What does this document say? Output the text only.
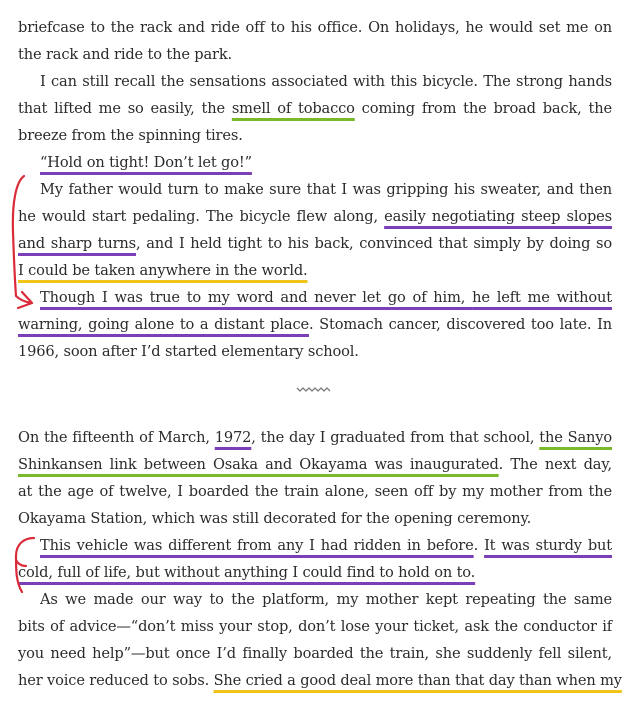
briefcase to the rack and ride off to his office. On holidays, he would set me on
the rack and ride to the park.
I can still recall the sensations associated with this bicycle. The strong hands
that lifted me so easily, the smell of tobacco coming from the broad back, the
breeze from the spinning tires.
“Hold on tight! Don’t let go!”
My father would turn to make sure that I was gripping his sweater, and then
he would start pedaling. The bicycle flew along, easily negotiating steep slopes
and sharp turns, and I held tight to his back, convinced that simply by doing so
I could be taken anywhere in the world.
Though I was true to my word and never let go of him, he left me without
warning, going alone to a distant place. Stomach cancer, discovered too late. In
1966, soon after I’d started elementary school.
On the fifteenth of March, 1972, the day I graduated from that school, the Sanyo
Shinkansen link between Osaka and Okayama was inaugurated. The next day,
at the age of twelve, I boarded the train alone, seen off by my mother from the
Okayama Station, which was still decorated for the opening ceremony.
This vehicle was different from any I had ridden in before. It was sturdy but
cold, full of life, but without anything I could find to hold on to.
As we made our way to the platform, my mother kept repeating the same
bits of advice—“don’t miss your stop, don’t lose your ticket, ask the conductor if
you need help”—but once I’d finally boarded the train, she suddenly fell silent,
her voice reduced to sobs. She cried a good deal more than that day than when my
